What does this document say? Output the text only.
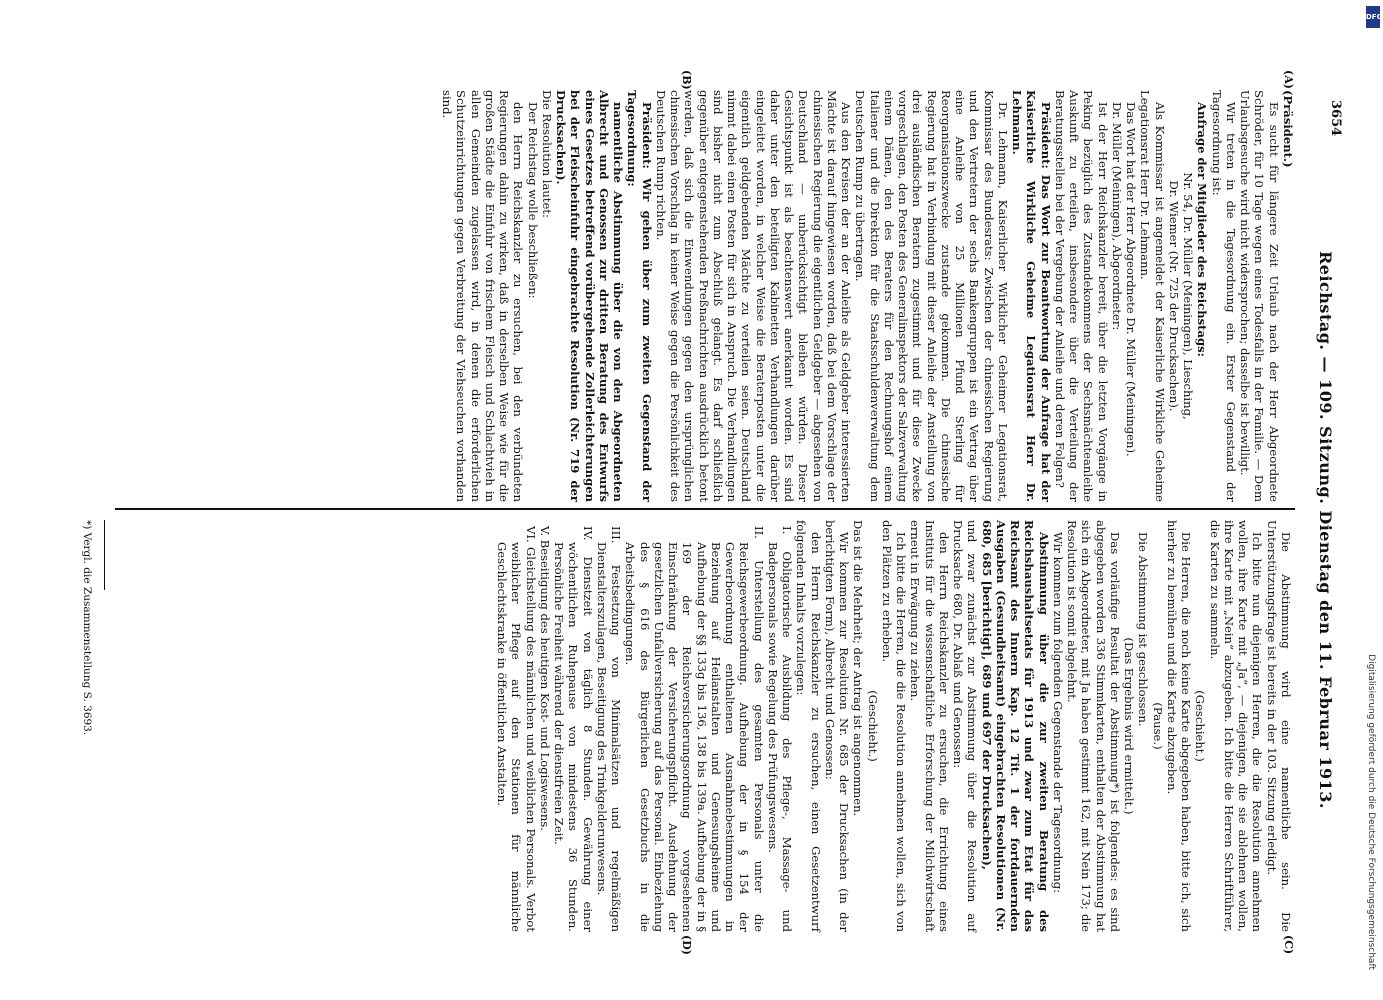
3654
Reichstag. — 109. Sitzung. Dienstag den 11. Februar 1913.
(A)
(B)
(C)
(D)

(Präsident.)

Es sucht für längere Zeit Urlaub nach der Herr Abgeordnete Schröder, für 10 Tage wegen eines Todesfalls in der Familie. — Dem Urlaubsgesuche wird nicht widersprochen; dasselbe ist bewilligt.

Wir treten in die Tagesordnung ein. Erster Gegenstand der Tagesordnung ist:

Anfrage der Mitglieder des Reichstags:

Nr. 54, Dr. Müller (Meiningen), Liesching,

Dr. Wiemer (Nr. 725 der Drucksachen).

Als Kommissar ist angemeldet der Kaiserliche Wirkliche Geheime Legationsrat Herr Dr. Lehmann.

Das Wort hat der Herr Abgeordnete Dr. Müller (Meiningen).

Dr. Müller (Meiningen), Abgeordneter:

Ist der Herr Reichskanzler bereit, über die letzten Vorgänge in Peking bezüglich des Zustandekommens der Sechsmächteanleihe Auskunft zu erteilen, insbesondere über die Verteilung der Beratungsstellen bei der Vergebung der Anleihe und deren Folgen?

Präsident: Das Wort zur Beantwortung der Anfrage hat der Kaiserliche Wirkliche Geheime Legationsrat Herr Dr. Lehmann.

Dr. Lehmann, Kaiserlicher Wirklicher Geheimer Legationsrat, Kommissar des Bundesrats: Zwischen der chinesischen Regierung und den Vertretern der sechs Bankengruppen ist ein Vertrag über eine Anleihe von 25 Millionen Pfund Sterling für Reorganisationszwecke zustande gekommen. Die chinesische Regierung hat in Verbindung mit dieser Anleihe der Anstellung von drei ausländischen Beratern zugestimmt und für diese Zwecke vorgeschlagen, den Posten des Generalinspektors der Salzverwaltung einem Dänen, den des Beraters für den Rechnungshof einem Italiener und die Direktion für die Staatsschuldenverwaltung dem Deutschen Rump zu übertragen.

Aus den Kreisen der an der Anleihe als Geldgeber interessierten Mächte ist darauf hingewiesen worden, daß bei dem Vorschlage der chinesischen Regierung die eigentlichen Geldgeber — abgesehen von Deutschland — unberücksichtigt bleiben würden. Dieser Gesichtspunkt ist als beachtenswert anerkannt worden. Es sind daher unter den beteiligten Kabinetten Verhandlungen darüber eingeleitet worden, in welcher Weise die Beraterposten unter die eigentlich geldgebenden Mächte zu verteilen seien. Deutschland nimmt dabei einen Posten für sich in Anspruch. Die Verhandlungen sind bisher nicht zum Abschluß gelangt. Es darf schließlich gegenüber entgegenstehenden Preßnachrichten ausdrücklich betont werden, daß sich die Einwendungen gegen den ursprünglichen chinesischen Vorschlag in keiner Weise gegen die Persönlichkeit des Deutschen Rump richten.

Präsident: Wir gehen über zum zweiten Gegenstand der Tagesordnung:

namentliche Abstimmung über die von den Abgeordneten Albrecht und Genossen zur dritten Beratung des Entwurfs eines Gesetzes betreffend vorübergehende Zollerleichterungen bei der Fleischeinfuhr eingebrachte Resolution (Nr. 719 der Drucksachen).

Die Resolution lautet:

Der Reichstag wolle beschließen:

den Herrn Reichskanzler zu ersuchen, bei den verbündeten Regierungen dahin zu wirken, daß in derselben Weise wie für die großen Städte die Einfuhr von frischem Fleisch und Schlachtvieh in allen Gemeinden zugelassen wird, in denen die erforderlichen Schutzeinrichtungen gegen Verbreitung der Viehseuchen vorhanden sind.

Die Abstimmung wird eine namentliche sein. Die Unterstützungsfrage ist bereits in der 103. Sitzung erledigt.

Ich bitte nun diejenigen Herren, die die Resolution annehmen wollen, ihre Karte mit „Ja“, — diejenigen, die sie ablehnen wollen, ihre Karte mit „Nein“ abzugeben. Ich bitte die Herren Schriftführer, die Karten zu sammeln.

(Geschieht.)

Die Herren, die noch keine Karte abgegeben haben, bitte ich, sich hierher zu bemühen und die Karte abzugeben.

(Pause.)

Die Abstimmung ist geschlossen.

(Das Ergebnis wird ermittelt.)

Das vorläufige Resultat der Abstimmung*) ist folgendes: es sind abgegeben worden 336 Stimmkarten, enthalten der Abstimmung hat sich ein Abgeordneter, mit Ja haben gestimmt 162, mit Nein 173; die Resolution ist somit abgelehnt.

Wir kommen zum folgenden Gegenstande der Tagesordnung:

Abstimmung über die zur zweiten Beratung des Reichshaushaltsetats für 1913 und zwar zum Etat für das Reichsamt des Innern Kap. 12 Tit. 1 der fortdauernden Ausgaben (Gesundheitsamt) eingebrachten Resolutionen (Nr. 680, 685 [berichtigt], 689 und 697 der Drucksachen),

und zwar zunächst zur Abstimmung über die Resolution auf Drucksache 680, Dr. Ablaß und Genossen:

den Herrn Reichskanzler zu ersuchen, die Errichtung eines Instituts für die wissenschaftliche Erforschung der Milchwirtschaft erneut in Erwägung zu ziehen.

Ich bitte die Herren, die die Resolution annehmen wollen, sich von den Plätzen zu erheben.

(Geschieht.)

Das ist die Mehrheit; der Antrag ist angenommen.

Wir kommen zur Resolution Nr. 685 der Drucksachen (in der berichtigten Form), Albrecht und Genossen:

den Herrn Reichskanzler zu ersuchen, einen Gesetzentwurf folgenden Inhalts vorzulegen:

I. Obligatorische Ausbildung des Pflege-, Massage- und Badepersonals sowie Regelung des Prüfungswesens.

II. Unterstellung des gesamten Personals unter die Reichsgewerbeordnung. Aufhebung der in § 154 der Gewerbeordnung enthaltenen Ausnahmebestimmungen in Beziehung auf Heilanstalten und Genesungsheime und Aufhebung der §§ 133g bis 136, 138 bis 139a. Aufhebung der in § 169 der Reichsversicherungsordnung vorgesehenen Einschränkung der Versicherungspflicht. Ausdehnung der gesetzlichen Unfallversicherung auf das Personal. Einbeziehung des § 616 des Bürgerlichen Gesetzbuchs in die Arbeitsbedingungen.

III. Festsetzung von Minimalsätzen und regelmäßigen Dienstalterszulagen, Beseitigung des Trinkgelderunwesens.

IV. Dienstzeit von täglich 8 Stunden. Gewährung einer wöchentlichen Ruhepause von mindestens 36 Stunden. Persönliche Freiheit während der dienstfreien Zeit.

V. Beseitigung des heutigen Kost- und Logiswesens.

VI. Gleichstellung des männlichen und weiblichen Personals. Verbot weiblicher Pflege auf den Stationen für männliche Geschlechtskranke in öffentlichen Anstalten.

*) Vergl. die Zusammenstellung S. 3693.
DFG
Digitalisierung gefördert durch die Deutsche Forschungsgemeinschaft
